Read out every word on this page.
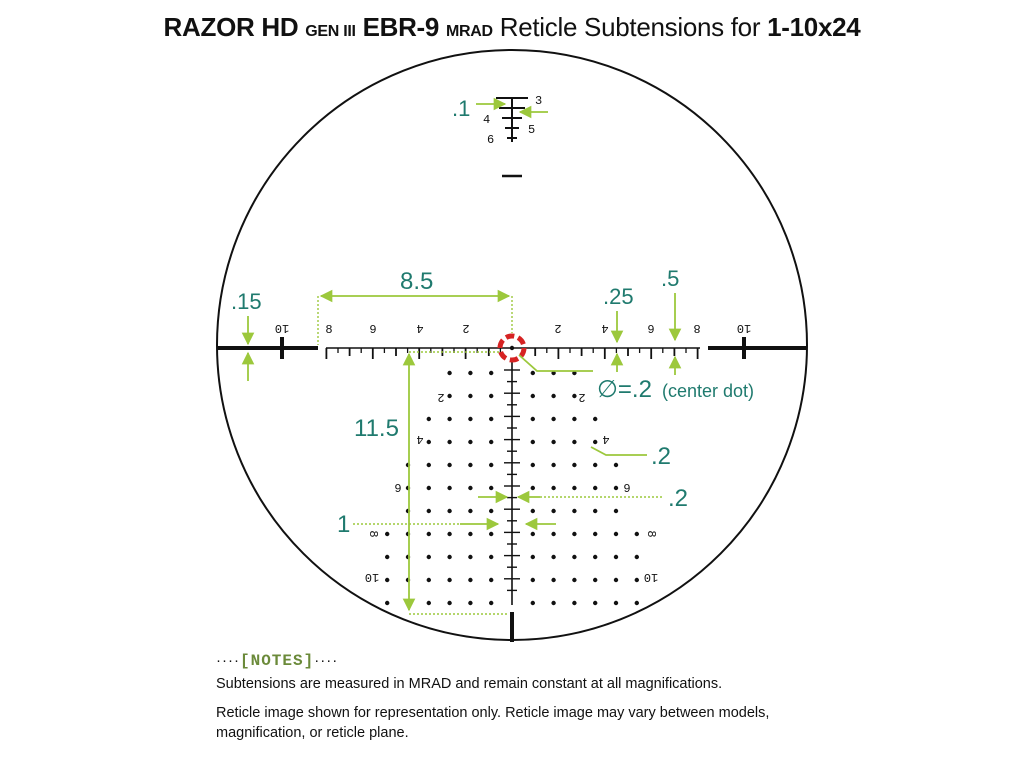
RAZOR HD GEN III EBR-9 MRAD Reticle Subtensions for 1-10x24
3
4
5
6
.1
10	8	6	4	2	2	4	6	8	10
2
4
6
8
10
2
4
6
8
10
.15
8.5
.25
.5
∅=.2 (center dot)
11.5
.2
.2
1
····[NOTES]····
Subtensions are measured in MRAD and remain constant at all magnifications.
Reticle image shown for representation only. Reticle image may vary between models, magnification, or reticle plane.
